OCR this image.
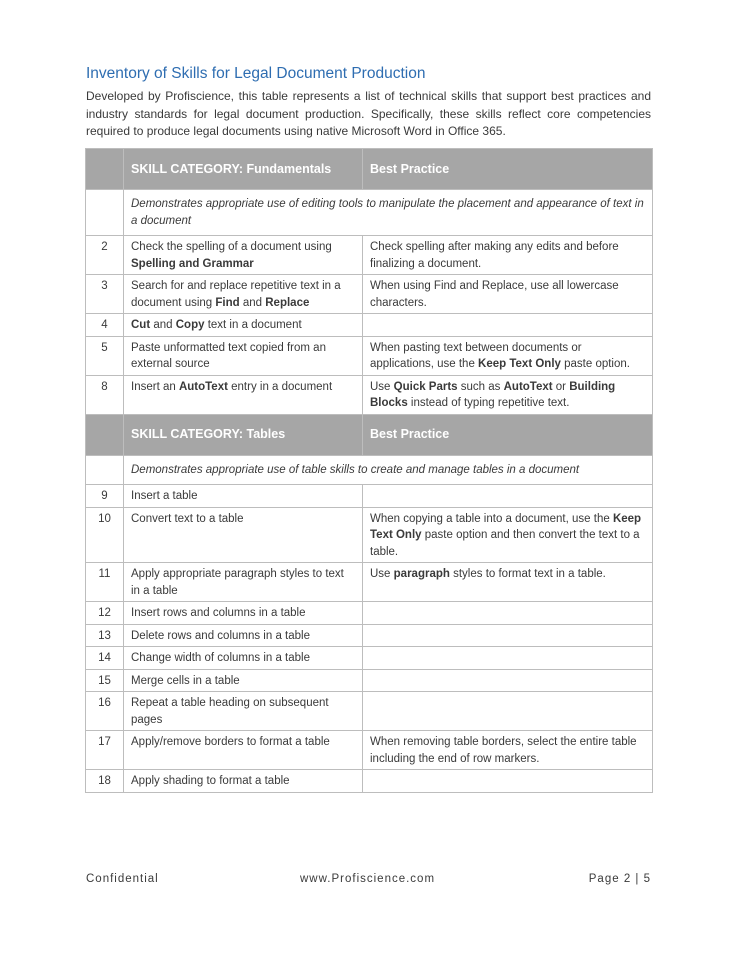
Inventory of Skills for Legal Document Production
Developed by Profiscience, this table represents a list of technical skills that support best practices and industry standards for legal document production. Specifically, these skills reflect core competencies required to produce legal documents using native Microsoft Word in Office 365.
	SKILL CATEGORY: Fundamentals	Best Practice
	Demonstrates appropriate use of editing tools to manipulate the placement and appearance of text in a document	
2	Check the spelling of a document using Spelling and Grammar	Check spelling after making any edits and before finalizing a document.
3	Search for and replace repetitive text in a document using Find and Replace	When using Find and Replace, use all lowercase characters.
4	Cut and Copy text in a document	
5	Paste unformatted text copied from an external source	When pasting text between documents or applications, use the Keep Text Only paste option.
8	Insert an AutoText entry in a document	Use Quick Parts such as AutoText or Building Blocks instead of typing repetitive text.
	SKILL CATEGORY: Tables	Best Practice
	Demonstrates appropriate use of table skills to create and manage tables in a document	
9	Insert a table	
10	Convert text to a table	When copying a table into a document, use the Keep Text Only paste option and then convert the text to a table.
11	Apply appropriate paragraph styles to text in a table	Use paragraph styles to format text in a table.
12	Insert rows and columns in a table	
13	Delete rows and columns in a table	
14	Change width of columns in a table	
15	Merge cells in a table	
16	Repeat a table heading on subsequent pages	
17	Apply/remove borders to format a table	When removing table borders, select the entire table including the end of row markers.
18	Apply shading to format a table	
Confidential	www.Profiscience.com	Page 2 | 5
